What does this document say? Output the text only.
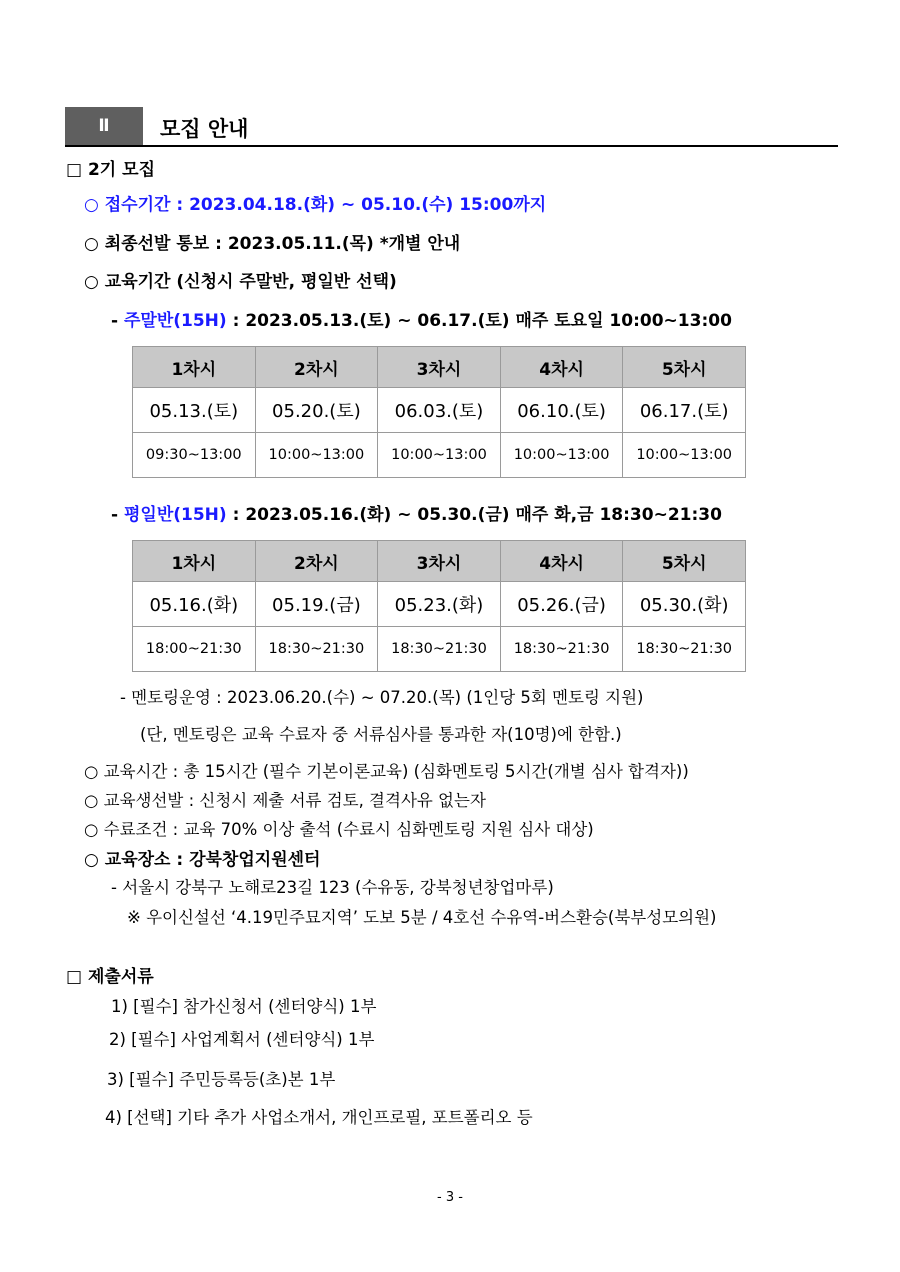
Ⅱ	모집 안내
□ 2기 모집
○ 접수기간 : 2023.04.18.(화) ~ 05.10.(수) 15:00까지
○ 최종선발 통보 : 2023.05.11.(목) *개별 안내
○ 교육기간 (신청시 주말반, 평일반 선택)
- 주말반(15H) : 2023.05.13.(토) ~ 06.17.(토) 매주 토요일 10:00~13:00
1차시	2차시	3차시	4차시	5차시
05.13.(토)	05.20.(토)	06.03.(토)	06.10.(토)	06.17.(토)
09:30~13:00	10:00~13:00	10:00~13:00	10:00~13:00	10:00~13:00
- 평일반(15H) : 2023.05.16.(화) ~ 05.30.(금) 매주 화,금 18:30~21:30
1차시	2차시	3차시	4차시	5차시
05.16.(화)	05.19.(금)	05.23.(화)	05.26.(금)	05.30.(화)
18:00~21:30	18:30~21:30	18:30~21:30	18:30~21:30	18:30~21:30
- 멘토링운영 : 2023.06.20.(수) ~ 07.20.(목) (1인당 5회 멘토링 지원)
(단, 멘토링은 교육 수료자 중 서류심사를 통과한 자(10명)에 한함.)
○ 교육시간 : 총 15시간 (필수 기본이론교육) (심화멘토링 5시간(개별 심사 합격자))
○ 교육생선발 : 신청시 제출 서류 검토, 결격사유 없는자
○ 수료조건 : 교육 70% 이상 출석 (수료시 심화멘토링 지원 심사 대상)
○ 교육장소 : 강북창업지원센터
- 서울시 강북구 노해로23길 123 (수유동, 강북청년창업마루)
※ 우이신설선 ‘4.19민주묘지역’ 도보 5분 / 4호선 수유역-버스환승(북부성모의원)
□ 제출서류
1) [필수] 참가신청서 (센터양식) 1부
2) [필수] 사업계획서 (센터양식) 1부
3) [필수] 주민등록등(초)본 1부
4) [선택] 기타 추가 사업소개서, 개인프로필, 포트폴리오 등
- 3 -
